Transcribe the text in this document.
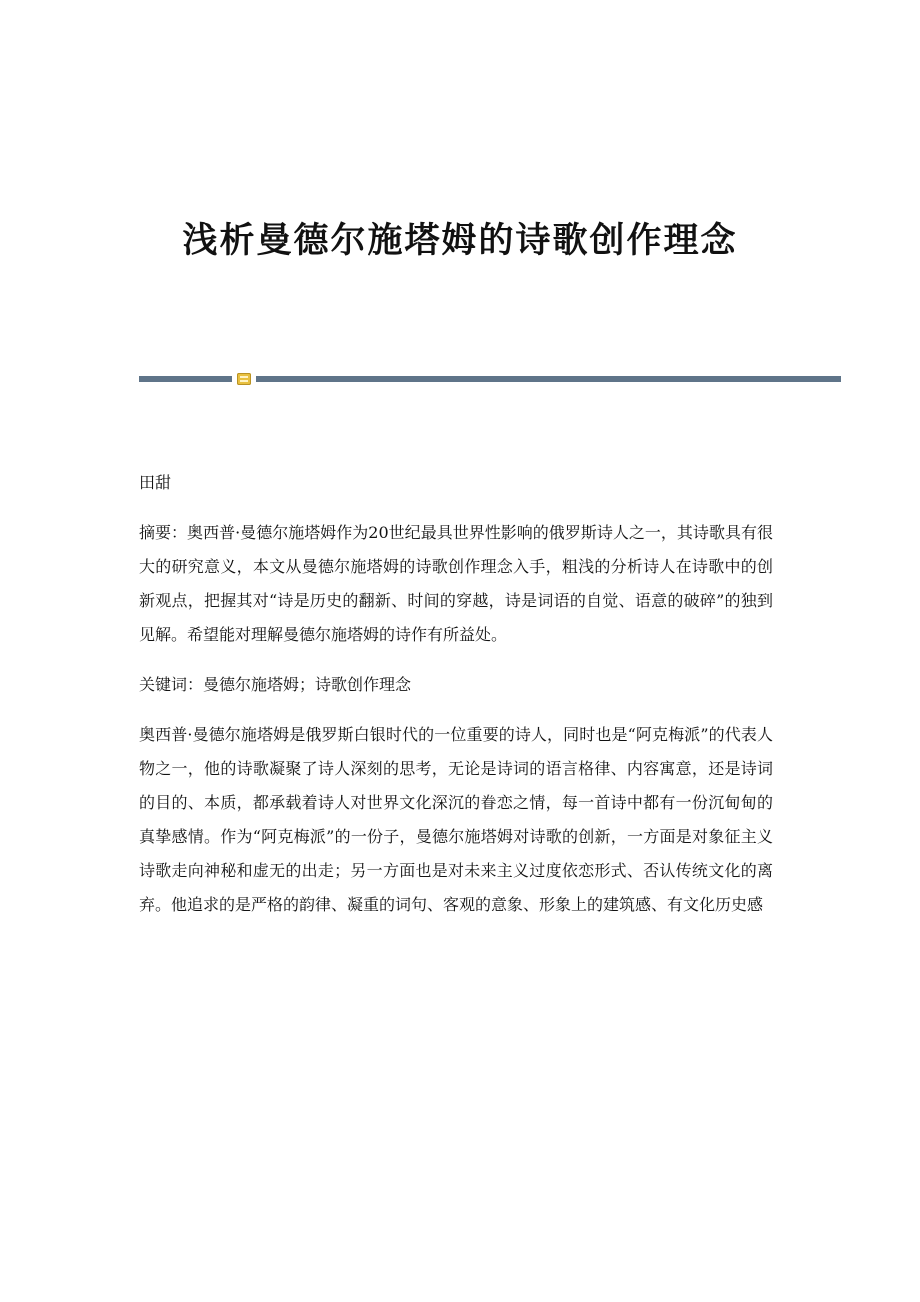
浅析曼德尔施塔姆的诗歌创作理念

田甜

摘要：奥西普·曼德尔施塔姆作为20世纪最具世界性影响的俄罗斯诗人之一，其诗歌具有很大的研究意义，本文从曼德尔施塔姆的诗歌创作理念入手，粗浅的分析诗人在诗歌中的创新观点，把握其对“诗是历史的翻新、时间的穿越，诗是词语的自觉、语意的破碎”的独到见解。希望能对理解曼德尔施塔姆的诗作有所益处。

关键词：曼德尔施塔姆；诗歌创作理念

奥西普·曼德尔施塔姆是俄罗斯白银时代的一位重要的诗人，同时也是“阿克梅派”的代表人物之一，他的诗歌凝聚了诗人深刻的思考，无论是诗词的语言格律、内容寓意，还是诗词的目的、本质，都承载着诗人对世界文化深沉的眷恋之情，每一首诗中都有一份沉甸甸的真挚感情。作为“阿克梅派”的一份子，曼德尔施塔姆对诗歌的创新，一方面是对象征主义诗歌走向神秘和虚无的出走；另一方面也是对未来主义过度依恋形式、否认传统文化的离弃。他追求的是严格的韵律、凝重的词句、客观的意象、形象上的建筑感、有文化历史感
